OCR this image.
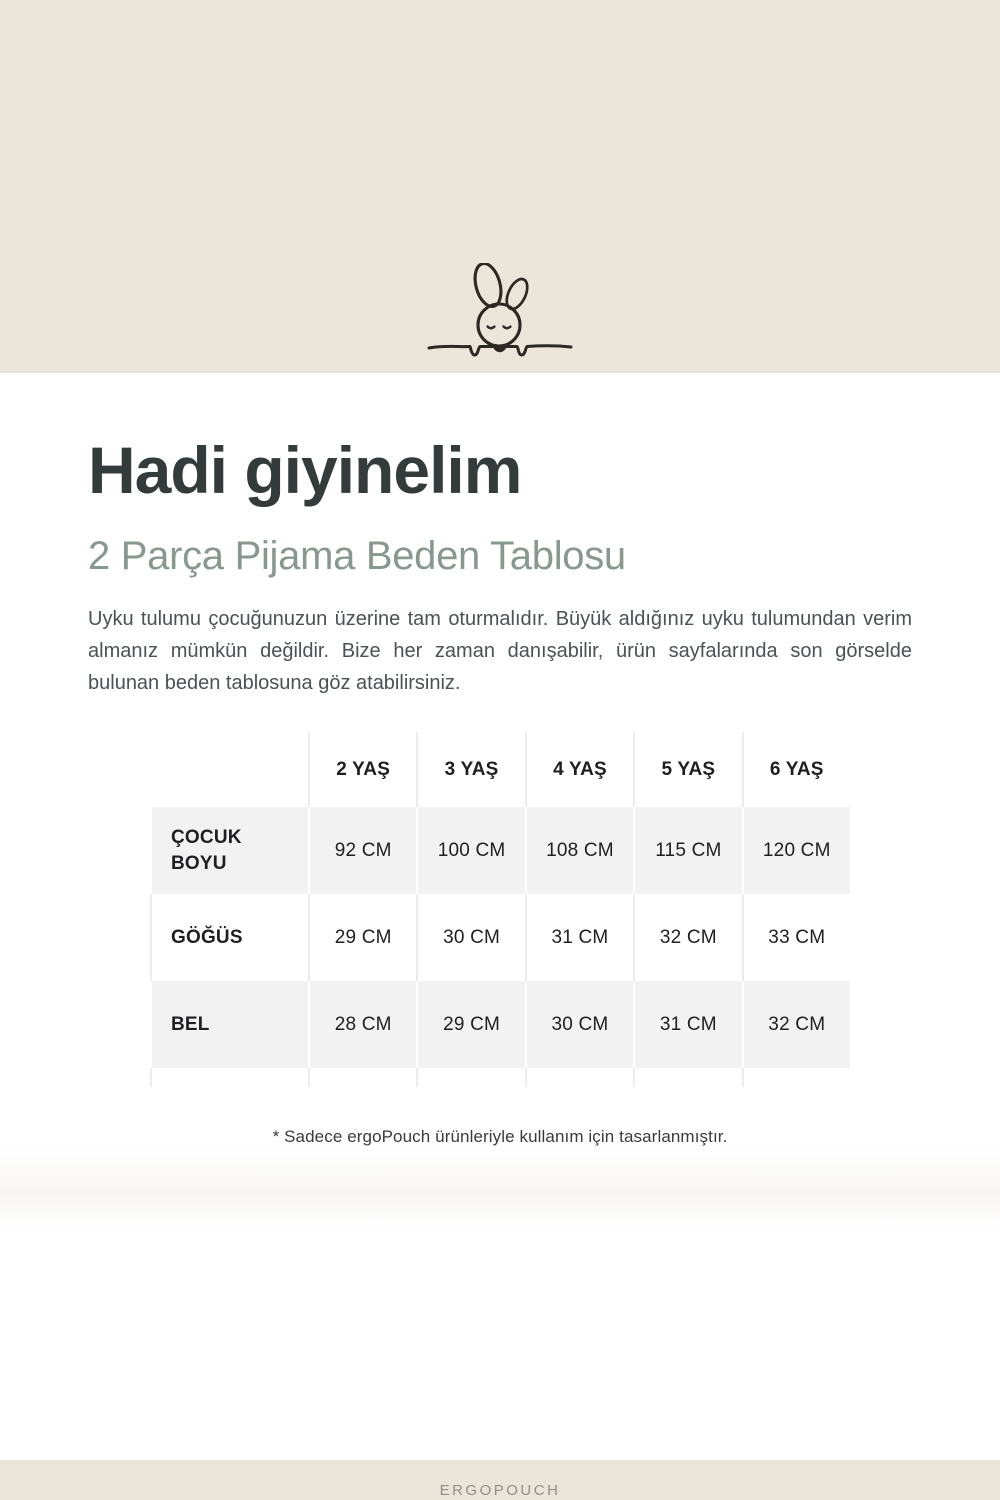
Hadi giyinelim
2 Parça Pijama Beden Tablosu

Uyku tulumu çocuğunuzun üzerine tam oturmalıdır. Büyük aldığınız uyku tulumundan verim almanız mümkün değildir. Bize her zaman danışabilir, ürün sayfalarında son görselde bulunan beden tablosuna göz atabilirsiniz.

	2 YAŞ	3 YAŞ	4 YAŞ	5 YAŞ	6 YAŞ
ÇOCUK BOYU	92 CM	100 CM	108 CM	115 CM	120 CM
GÖĞÜS	29 CM	30 CM	31 CM	32 CM	33 CM
BEL	28 CM	29 CM	30 CM	31 CM	32 CM

* Sadece ergoPouch ürünleriyle kullanım için tasarlanmıştır.

ERGOPOUCH
